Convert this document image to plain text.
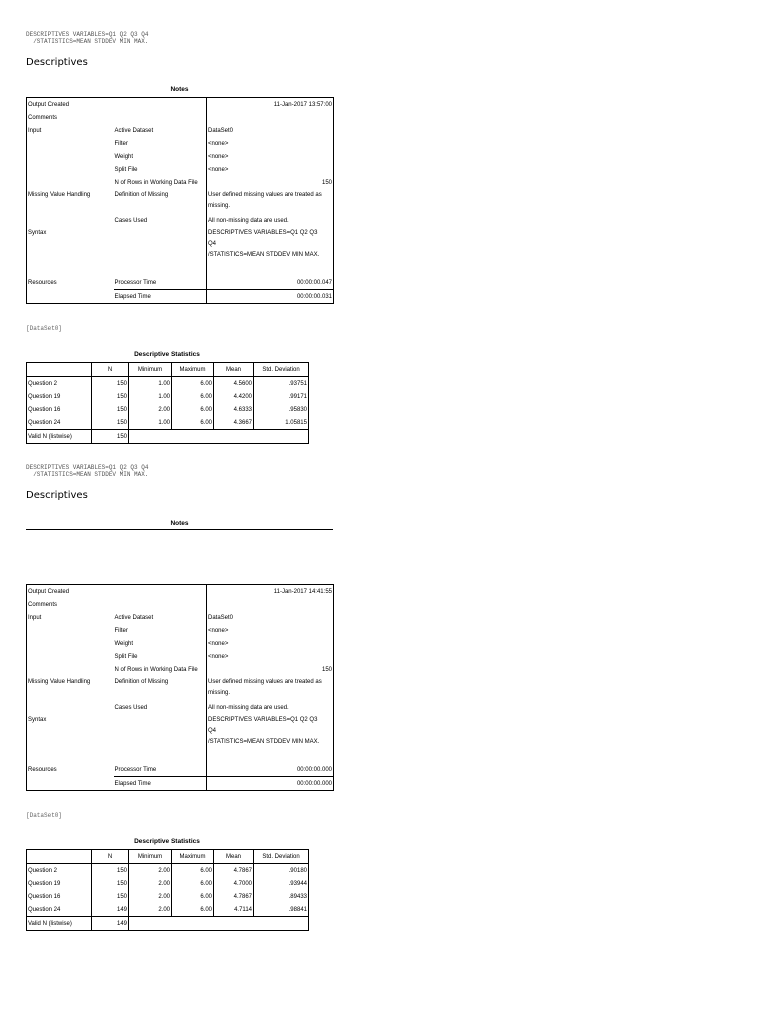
DESCRIPTIVES VARIABLES=Q1 Q2 Q3 Q4
/STATISTICS=MEAN STDDEV MIN MAX.
Descriptives
Notes
Output Created		11-Jan-2017 13:57:00
Comments		
Input	Active Dataset	DataSet0
	Filter	<none>
	Weight	<none>
	Split File	<none>
	N of Rows in Working Data File	150
Missing Value Handling	Definition of Missing	User defined missing values are treated as missing.
	Cases Used	All non-missing data are used.
Syntax		DESCRIPTIVES VARIABLES=Q1 Q2 Q3
Q4
/STATISTICS=MEAN STDDEV MIN MAX.

Resources	Processor Time	00:00:00.047
	Elapsed Time	00:00:00.031
[DataSet0]
Descriptive Statistics
	N	Minimum	Maximum	Mean	Std. Deviation
Question 2	150	1.00	6.00	4.5600	.93751
Question 19	150	1.00	6.00	4.4200	.99171
Question 16	150	2.00	6.00	4.6333	.95830
Question 24	150	1.00	6.00	4.3667	1.05815
Valid N (listwise)	150				
DESCRIPTIVES VARIABLES=Q1 Q2 Q3 Q4
/STATISTICS=MEAN STDDEV MIN MAX.
Descriptives
Notes
Output Created		11-Jan-2017 14:41:55
Comments		
Input	Active Dataset	DataSet0
	Filter	<none>
	Weight	<none>
	Split File	<none>
	N of Rows in Working Data File	150
Missing Value Handling	Definition of Missing	User defined missing values are treated as missing.
	Cases Used	All non-missing data are used.
Syntax		DESCRIPTIVES VARIABLES=Q1 Q2 Q3
Q4
/STATISTICS=MEAN STDDEV MIN MAX.

Resources	Processor Time	00:00:00.000
	Elapsed Time	00:00:00.000
[DataSet0]
Descriptive Statistics
	N	Minimum	Maximum	Mean	Std. Deviation
Question 2	150	2.00	6.00	4.7867	.90180
Question 19	150	2.00	6.00	4.7000	.93944
Question 16	150	2.00	6.00	4.7867	.89433
Question 24	149	2.00	6.00	4.7114	.98841
Valid N (listwise)	149				
